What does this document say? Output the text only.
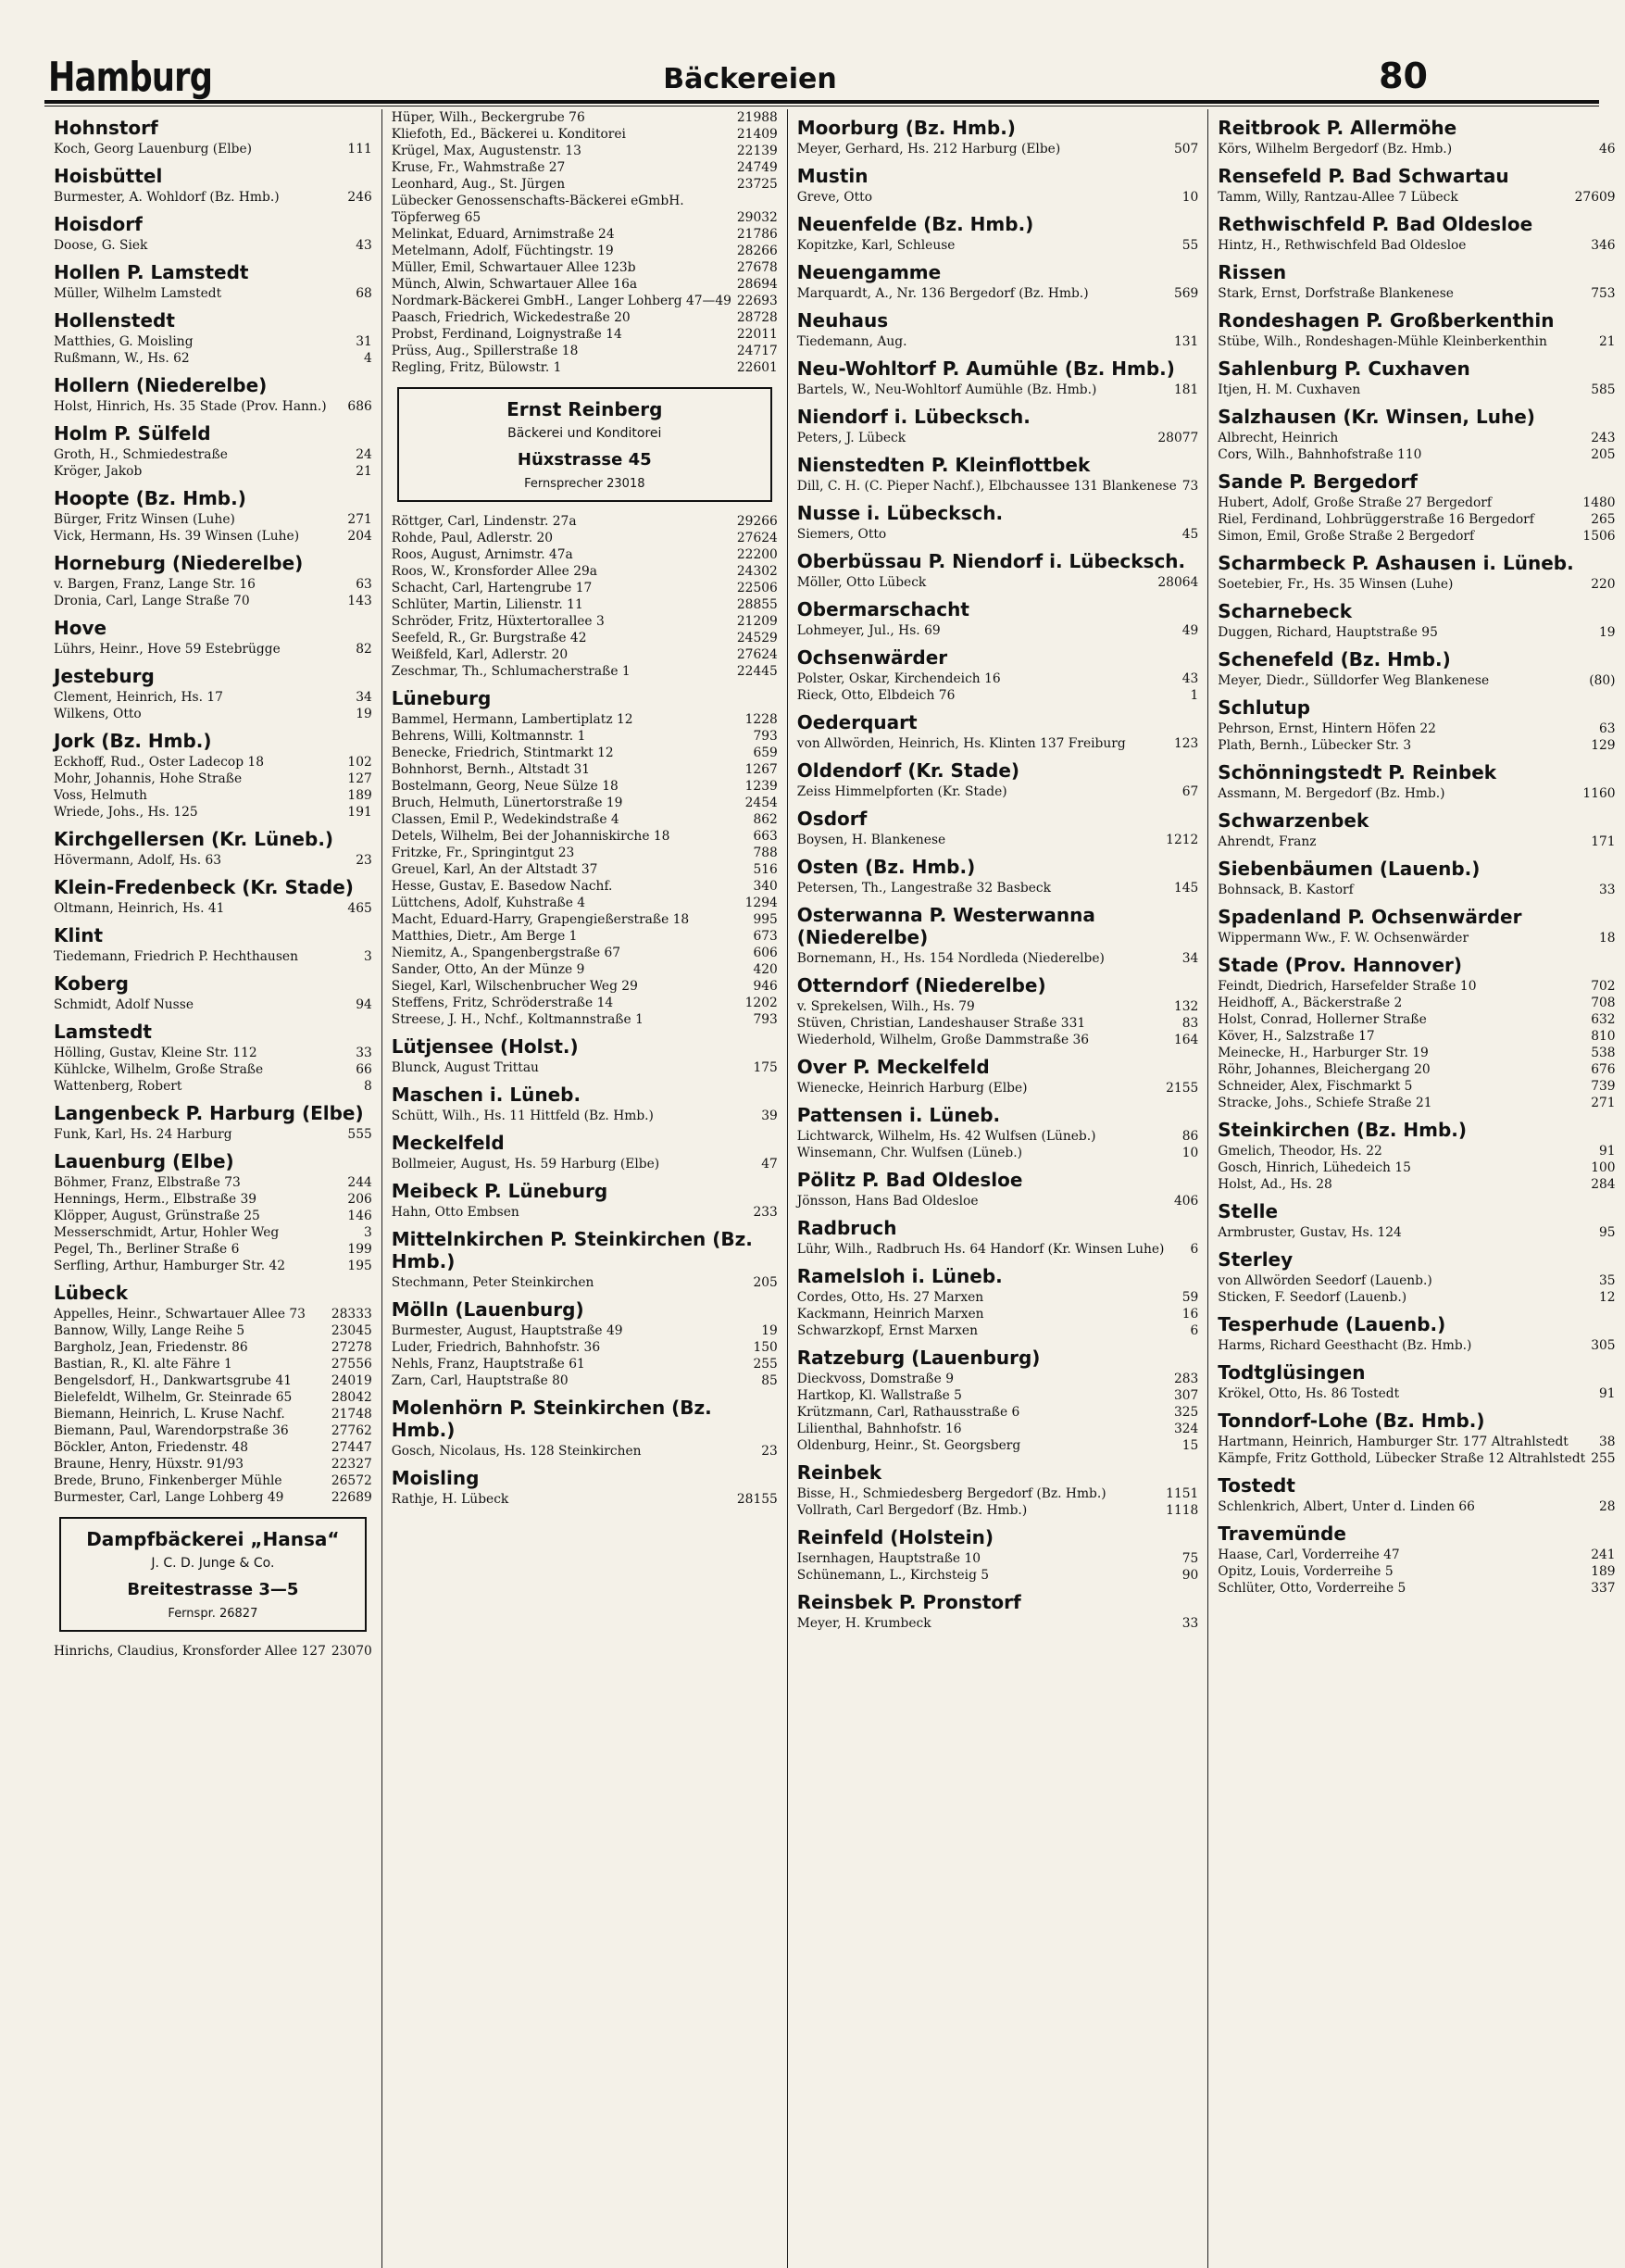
Hamburg	Bäckereien	80
Hohnstorf
Koch, Georg Lauenburg (Elbe)	111
Hoisbüttel
Burmester, A. Wohldorf (Bz. Hmb.)	246
Hoisdorf
Doose, G. Siek	43
Hollen P. Lamstedt
Müller, Wilhelm Lamstedt	68
Hollenstedt
Matthies, G. Moisling	31
Rußmann, W., Hs. 62	4
Hollern (Niederelbe)
Holst, Hinrich, Hs. 35 Stade (Prov. Hann.)	686
Holm P. Sülfeld
Groth, H., Schmiedestraße	24
Kröger, Jakob	21
Hoopte (Bz. Hmb.)
Bürger, Fritz Winsen (Luhe)	271
Vick, Hermann, Hs. 39 Winsen (Luhe)	204
Horneburg (Niederelbe)
v. Bargen, Franz, Lange Str. 16	63
Dronia, Carl, Lange Straße 70	143
Hove
Lührs, Heinr., Hove 59 Estebrügge	82
Jesteburg
Clement, Heinrich, Hs. 17	34
Wilkens, Otto	19
Jork (Bz. Hmb.)
Eckhoff, Rud., Oster Ladecop 18	102
Mohr, Johannis, Hohe Straße	127
Voss, Helmuth	189
Wriede, Johs., Hs. 125	191
Kirchgellersen (Kr. Lüneb.)
Hövermann, Adolf, Hs. 63	23
Klein-Fredenbeck (Kr. Stade)
Oltmann, Heinrich, Hs. 41	465
Klint
Tiedemann, Friedrich P. Hechthausen	3
Koberg
Schmidt, Adolf Nusse	94
Lamstedt
Hölling, Gustav, Kleine Str. 112	33
Kühlcke, Wilhelm, Große Straße	66
Wattenberg, Robert	8
Langenbeck P. Harburg (Elbe)
Funk, Karl, Hs. 24 Harburg	555
Lauenburg (Elbe)
Böhmer, Franz, Elbstraße 73	244
Hennings, Herm., Elbstraße 39	206
Klöpper, August, Grünstraße 25	146
Messerschmidt, Artur, Hohler Weg	3
Pegel, Th., Berliner Straße 6	199
Serfling, Arthur, Hamburger Str. 42	195
Lübeck
Appelles, Heinr., Schwartauer Allee 73	28333
Bannow, Willy, Lange Reihe 5	23045
Bargholz, Jean, Friedenstr. 86	27278
Bastian, R., Kl. alte Fähre 1	27556
Bengelsdorf, H., Dankwartsgrube 41	24019
Bielefeldt, Wilhelm, Gr. Steinrade 65	28042
Biemann, Heinrich, L. Kruse Nachf.	21748
Biemann, Paul, Warendorpstraße 36	27762
Böckler, Anton, Friedenstr. 48	27447
Braune, Henry, Hüxstr. 91/93	22327
Brede, Bruno, Finkenberger Mühle	26572
Burmester, Carl, Lange Lohberg 49	22689
Dampfbäckerei „Hansa“
J. C. D. Junge & Co.
Breitestrasse 3—5
Fernspr. 26827
Hinrichs, Claudius, Kronsforder Allee 127 23070
Hüper, Wilh., Beckergrube 76	21988
Kliefoth, Ed., Bäckerei u. Konditorei	21409
Krügel, Max, Augustenstr. 13	22139
Kruse, Fr., Wahmstraße 27	24749
Leonhard, Aug., St. Jürgen	23725
Lübecker Genossenschafts-Bäckerei eGmbH.
Töpferweg 65	29032
Melinkat, Eduard, Arnimstraße 24	21786
Metelmann, Adolf, Füchtingstr. 19	28266
Müller, Emil, Schwartauer Allee 123b	27678
Münch, Alwin, Schwartauer Allee 16a	28694
Nordmark-Bäckerei GmbH., Langer Lohberg 47—49 22693
Paasch, Friedrich, Wickedestraße 20	28728
Probst, Ferdinand, Loignystraße 14	22011
Prüss, Aug., Spillerstraße 18	24717
Regling, Fritz, Bülowstr. 1	22601
Ernst Reinberg
Bäckerei und Konditorei
Hüxstrasse 45
Fernsprecher 23018
Röttger, Carl, Lindenstr. 27a	29266
Rohde, Paul, Adlerstr. 20	27624
Roos, August, Arnimstr. 47a	22200
Roos, W., Kronsforder Allee 29a	24302
Schacht, Carl, Hartengrube 17	22506
Schlüter, Martin, Lilienstr. 11	28855
Schröder, Fritz, Hüxtertorallee 3	21209
Seefeld, R., Gr. Burgstraße 42	24529
Weißfeld, Karl, Adlerstr. 20	27624
Zeschmar, Th., Schlumacherstraße 1	22445
Lüneburg
Bammel, Hermann, Lambertiplatz 12	1228
Behrens, Willi, Koltmannstr. 1	793
Benecke, Friedrich, Stintmarkt 12	659
Bohnhorst, Bernh., Altstadt 31	1267
Bostelmann, Georg, Neue Sülze 18	1239
Bruch, Helmuth, Lünertorstraße 19	2454
Classen, Emil P., Wedekindstraße 4	862
Detels, Wilhelm, Bei der Johanniskirche 18	663
Fritzke, Fr., Springintgut 23	788
Greuel, Karl, An der Altstadt 37	516
Hesse, Gustav, E. Basedow Nachf.	340
Lüttchens, Adolf, Kuhstraße 4	1294
Macht, Eduard-Harry, Grapengießerstraße 18	995
Matthies, Dietr., Am Berge 1	673
Niemitz, A., Spangenbergstraße 67	606
Sander, Otto, An der Münze 9	420
Siegel, Karl, Wilschenbrucher Weg 29	946
Steffens, Fritz, Schröderstraße 14	1202
Streese, J. H., Nchf., Koltmannstraße 1	793
Lütjensee (Holst.)
Blunck, August Trittau	175
Maschen i. Lüneb.
Schütt, Wilh., Hs. 11 Hittfeld (Bz. Hmb.)	39
Meckelfeld
Bollmeier, August, Hs. 59 Harburg (Elbe)	47
Meibeck P. Lüneburg
Hahn, Otto Embsen	233
Mittelnkirchen P. Steinkirchen (Bz. Hmb.)
Stechmann, Peter Steinkirchen	205
Mölln (Lauenburg)
Burmester, August, Hauptstraße 49	19
Luder, Friedrich, Bahnhofstr. 36	150
Nehls, Franz, Hauptstraße 61	255
Zarn, Carl, Hauptstraße 80	85
Molenhörn P. Steinkirchen (Bz. Hmb.)
Gosch, Nicolaus, Hs. 128 Steinkirchen	23
Moisling
Rathje, H. Lübeck	28155
Moorburg (Bz. Hmb.)
Meyer, Gerhard, Hs. 212 Harburg (Elbe)	507
Mustin
Greve, Otto	10
Neuenfelde (Bz. Hmb.)
Kopitzke, Karl, Schleuse	55
Neuengamme
Marquardt, A., Nr. 136 Bergedorf (Bz. Hmb.)	569
Neuhaus
Tiedemann, Aug.	131
Neu-Wohltorf P. Aumühle (Bz. Hmb.)
Bartels, W., Neu-Wohltorf Aumühle (Bz. Hmb.)	181
Niendorf i. Lübecksch.
Peters, J. Lübeck	28077
Nienstedten P. Kleinflottbek
Dill, C. H. (C. Pieper Nachf.), Elbchaussee 131 Blankenese 73
Nusse i. Lübecksch.
Siemers, Otto	45
Oberbüssau P. Niendorf i. Lübecksch.
Möller, Otto Lübeck	28064
Obermarschacht
Lohmeyer, Jul., Hs. 69	49
Ochsenwärder
Polster, Oskar, Kirchendeich 16	43
Rieck, Otto, Elbdeich 76	1
Oederquart
von Allwörden, Heinrich, Hs. Klinten 137 Freiburg	123
Oldendorf (Kr. Stade)
Zeiss Himmelpforten (Kr. Stade)	67
Osdorf
Boysen, H. Blankenese	1212
Osten (Bz. Hmb.)
Petersen, Th., Langestraße 32 Basbeck	145
Osterwanna P. Westerwanna (Niederelbe)
Bornemann, H., Hs. 154 Nordleda (Niederelbe)	34
Otterndorf (Niederelbe)
v. Sprekelsen, Wilh., Hs. 79	132
Stüven, Christian, Landeshauser Straße 331	83
Wiederhold, Wilhelm, Große Dammstraße 36	164
Over P. Meckelfeld
Wienecke, Heinrich Harburg (Elbe)	2155
Pattensen i. Lüneb.
Lichtwarck, Wilhelm, Hs. 42 Wulfsen (Lüneb.)	86
Winsemann, Chr. Wulfsen (Lüneb.)	10
Pölitz P. Bad Oldesloe
Jönsson, Hans Bad Oldesloe	406
Radbruch
Lühr, Wilh., Radbruch Hs. 64 Handorf (Kr. Winsen Luhe)	6
Ramelsloh i. Lüneb.
Cordes, Otto, Hs. 27 Marxen	59
Kackmann, Heinrich Marxen	16
Schwarzkopf, Ernst Marxen	6
Ratzeburg (Lauenburg)
Dieckvoss, Domstraße 9	283
Hartkop, Kl. Wallstraße 5	307
Krützmann, Carl, Rathausstraße 6	325
Lilienthal, Bahnhofstr. 16	324
Oldenburg, Heinr., St. Georgsberg	15
Reinbek
Bisse, H., Schmiedesberg Bergedorf (Bz. Hmb.)	1151
Vollrath, Carl Bergedorf (Bz. Hmb.)	1118
Reinfeld (Holstein)
Isernhagen, Hauptstraße 10	75
Schünemann, L., Kirchsteig 5	90
Reinsbek P. Pronstorf
Meyer, H. Krumbeck	33
Reitbrook P. Allermöhe
Körs, Wilhelm Bergedorf (Bz. Hmb.)	46
Rensefeld P. Bad Schwartau
Tamm, Willy, Rantzau-Allee 7 Lübeck	27609
Rethwischfeld P. Bad Oldesloe
Hintz, H., Rethwischfeld Bad Oldesloe	346
Rissen
Stark, Ernst, Dorfstraße Blankenese	753
Rondeshagen P. Großberkenthin
Stübe, Wilh., Rondeshagen-Mühle Kleinberkenthin	21
Sahlenburg P. Cuxhaven
Itjen, H. M. Cuxhaven	585
Salzhausen (Kr. Winsen, Luhe)
Albrecht, Heinrich	243
Cors, Wilh., Bahnhofstraße 110	205
Sande P. Bergedorf
Hubert, Adolf, Große Straße 27 Bergedorf	1480
Riel, Ferdinand, Lohbrüggerstraße 16 Bergedorf	265
Simon, Emil, Große Straße 2 Bergedorf	1506
Scharmbeck P. Ashausen i. Lüneb.
Soetebier, Fr., Hs. 35 Winsen (Luhe)	220
Scharnebeck
Duggen, Richard, Hauptstraße 95	19
Schenefeld (Bz. Hmb.)
Meyer, Diedr., Sülldorfer Weg Blankenese	(80)
Schlutup
Pehrson, Ernst, Hintern Höfen 22	63
Plath, Bernh., Lübecker Str. 3	129
Schönningstedt P. Reinbek
Assmann, M. Bergedorf (Bz. Hmb.)	1160
Schwarzenbek
Ahrendt, Franz	171
Siebenbäumen (Lauenb.)
Bohnsack, B. Kastorf	33
Spadenland P. Ochsenwärder
Wippermann Ww., F. W. Ochsenwärder	18
Stade (Prov. Hannover)
Feindt, Diedrich, Harsefelder Straße 10	702
Heidhoff, A., Bäckerstraße 2	708
Holst, Conrad, Hollerner Straße	632
Köver, H., Salzstraße 17	810
Meinecke, H., Harburger Str. 19	538
Röhr, Johannes, Bleichergang 20	676
Schneider, Alex, Fischmarkt 5	739
Stracke, Johs., Schiefe Straße 21	271
Steinkirchen (Bz. Hmb.)
Gmelich, Theodor, Hs. 22	91
Gosch, Hinrich, Lühedeich 15	100
Holst, Ad., Hs. 28	284
Stelle
Armbruster, Gustav, Hs. 124	95
Sterley
von Allwörden Seedorf (Lauenb.)	35
Sticken, F. Seedorf (Lauenb.)	12
Tesperhude (Lauenb.)
Harms, Richard Geesthacht (Bz. Hmb.)	305
Todtglüsingen
Krökel, Otto, Hs. 86 Tostedt	91
Tonndorf-Lohe (Bz. Hmb.)
Hartmann, Heinrich, Hamburger Str. 177 Altrahlstedt	38
Kämpfe, Fritz Gotthold, Lübecker Straße 12 Altrahlstedt 255
Tostedt
Schlenkrich, Albert, Unter d. Linden 66	28
Travemünde
Haase, Carl, Vorderreihe 47	241
Opitz, Louis, Vorderreihe 5	189
Schlüter, Otto, Vorderreihe 5	337
